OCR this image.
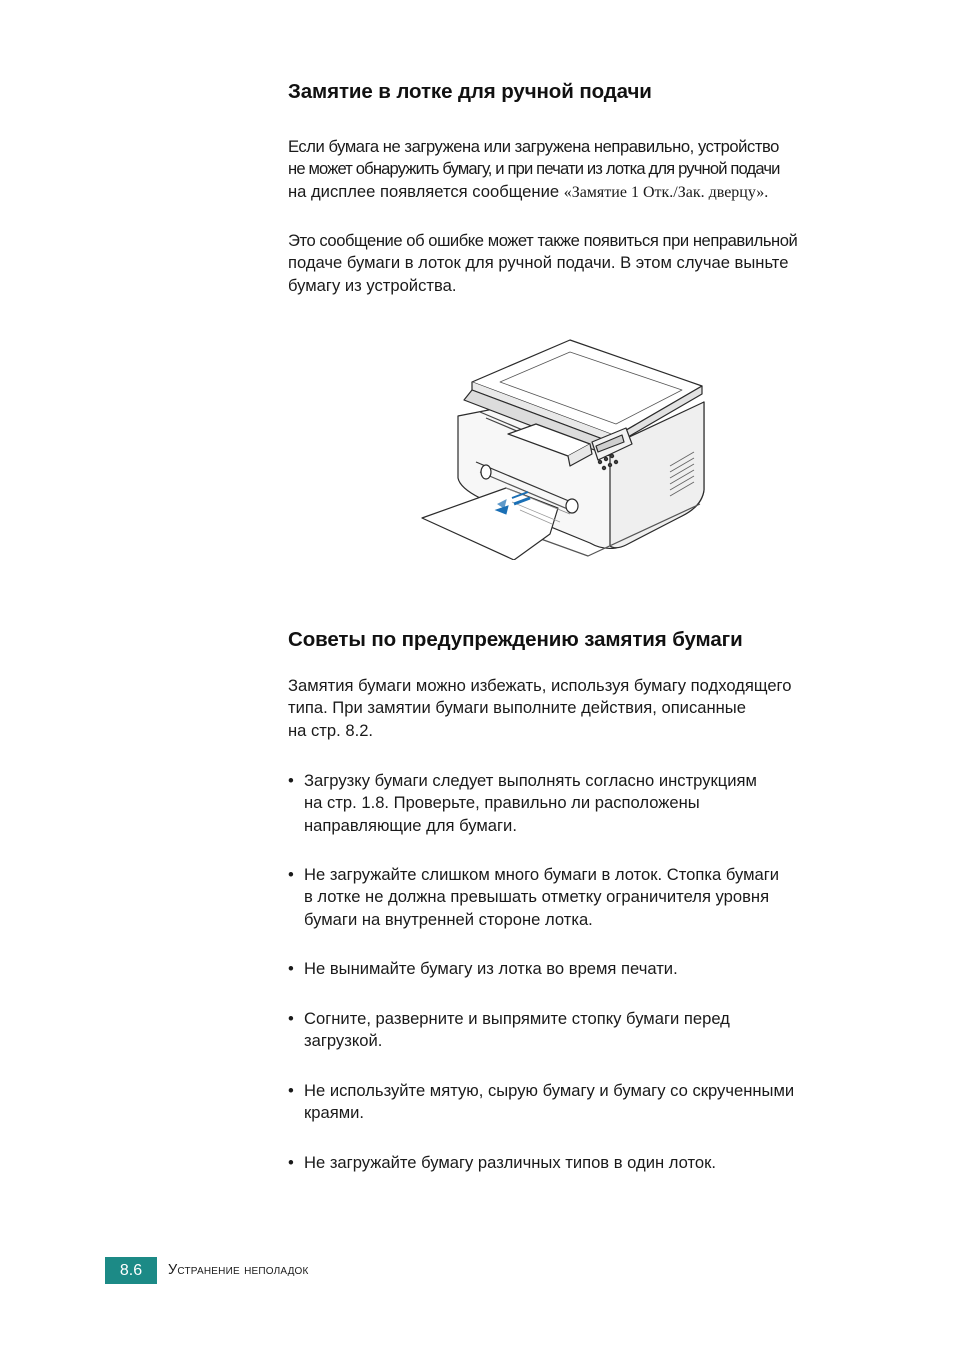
Замятие в лотке для ручной подачи

Если бумага не загружена или загружена неправильно, устройство
не может обнаружить бумагу, и при печати из лотка для ручной подачи
на дисплее появляется сообщение «Замятие 1 Отк./Зак. дверцу».

Это сообщение об ошибке может также появиться при неправильной
подаче бумаги в лоток для ручной подачи. В этом случае выньте
бумагу из устройства.

Советы по предупреждению замятия бумаги

Замятия бумаги можно избежать, используя бумагу подходящего
типа. При замятии бумаги выполните действия, описанные
на стр. 8.2.

• Загрузку бумаги следует выполнять согласно инструкциям
на стр. 1.8. Проверьте, правильно ли расположены
направляющие для бумаги.
• Не загружайте слишком много бумаги в лоток. Стопка бумаги
в лотке не должна превышать отметку ограничителя уровня
бумаги на внутренней стороне лотка.
• Не вынимайте бумагу из лотка во время печати.
• Согните, разверните и выпрямите стопку бумаги перед
загрузкой.
• Не используйте мятую, сырую бумагу и бумагу со скрученными
краями.
• Не загружайте бумагу различных типов в один лоток.
8.6	Устранение неполадок
